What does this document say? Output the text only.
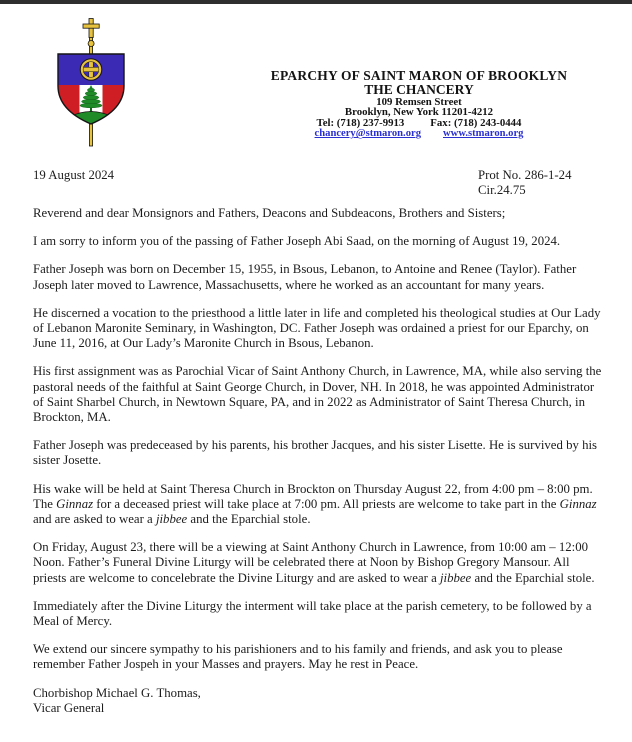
EPARCHY OF SAINT MARON OF BROOKLYN
THE CHANCERY
109 Remsen Street
Brooklyn, New York 11201-4212
Tel: (718) 237-9913 Fax: (718) 243-0444
chancery@stmaron.org www.stmaron.org
19 August 2024	Prot No. 286-1-24
Cir.24.75

Reverend and dear Monsignors and Fathers, Deacons and Subdeacons, Brothers and Sisters;

I am sorry to inform you of the passing of Father Joseph Abi Saad, on the morning of August 19, 2024.

Father Joseph was born on December 15, 1955, in Bsous, Lebanon, to Antoine and Renee (Taylor). Father Joseph later moved to Lawrence, Massachusetts, where he worked as an accountant for many years.

He discerned a vocation to the priesthood a little later in life and completed his theological studies at Our Lady of Lebanon Maronite Seminary, in Washington, DC. Father Joseph was ordained a priest for our Eparchy, on June 11, 2016, at Our Lady’s Maronite Church in Bsous, Lebanon.

His first assignment was as Parochial Vicar of Saint Anthony Church, in Lawrence, MA, while also serving the pastoral needs of the faithful at Saint George Church, in Dover, NH. In 2018, he was appointed Administrator of Saint Sharbel Church, in Newtown Square, PA, and in 2022 as Administrator of Saint Theresa Church, in Brockton, MA.

Father Joseph was predeceased by his parents, his brother Jacques, and his sister Lisette. He is survived by his sister Josette.

His wake will be held at Saint Theresa Church in Brockton on Thursday August 22, from 4:00 pm – 8:00 pm. The Ginnaz for a deceased priest will take place at 7:00 pm. All priests are welcome to take part in the Ginnaz and are asked to wear a jibbee and the Eparchial stole.

On Friday, August 23, there will be a viewing at Saint Anthony Church in Lawrence, from 10:00 am – 12:00 Noon. Father’s Funeral Divine Liturgy will be celebrated there at Noon by Bishop Gregory Mansour. All priests are welcome to concelebrate the Divine Liturgy and are asked to wear a jibbee and the Eparchial stole.

Immediately after the Divine Liturgy the interment will take place at the parish cemetery, to be followed by a Meal of Mercy.

We extend our sincere sympathy to his parishioners and to his family and friends, and ask you to please remember Father Jospeh in your Masses and prayers. May he rest in Peace.

Chorbishop Michael G. Thomas,
Vicar General
